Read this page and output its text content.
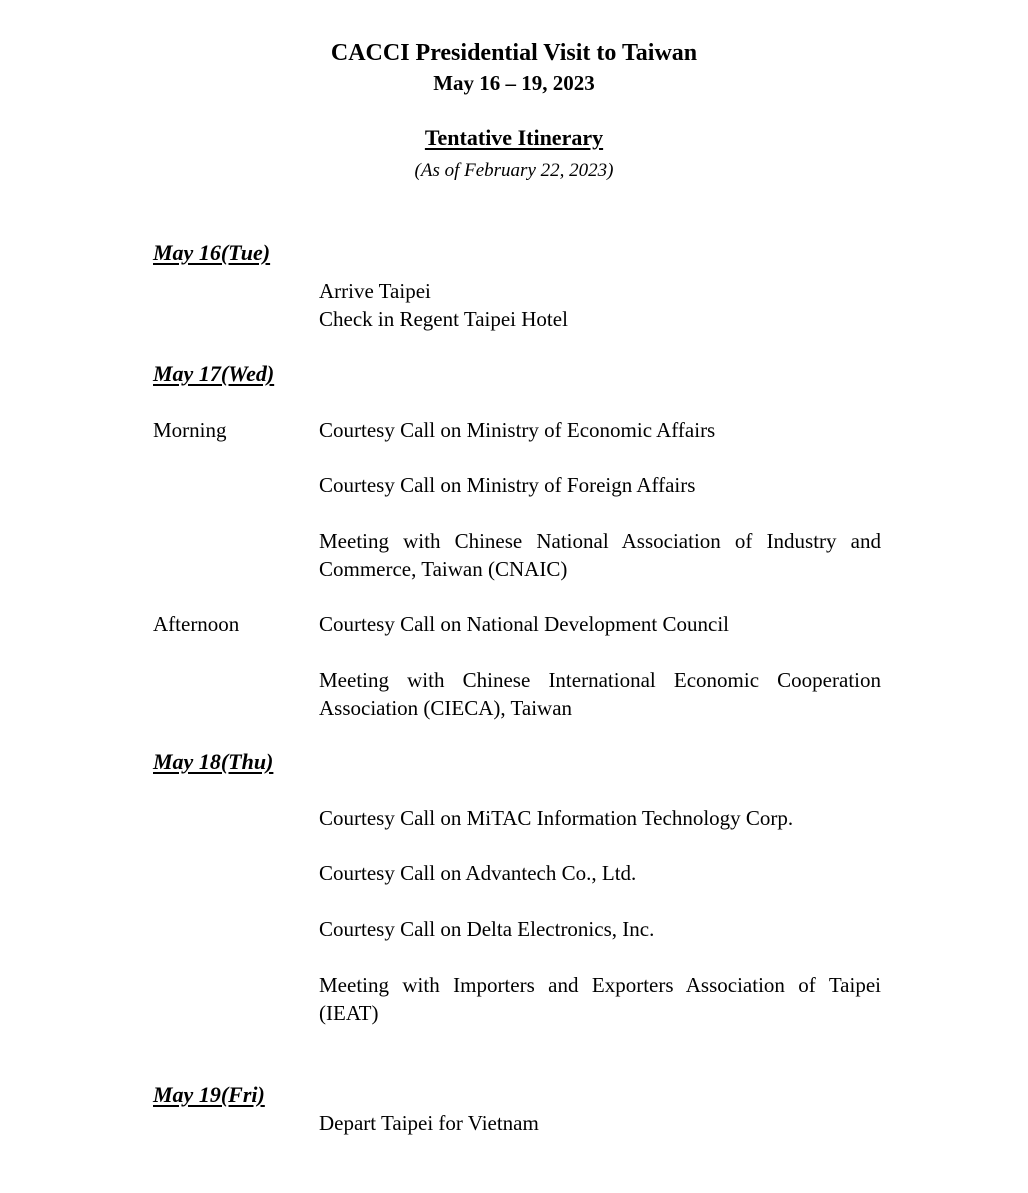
CACCI Presidential Visit to Taiwan
May 16 – 19, 2023
Tentative Itinerary
(As of February 22, 2023)
May 16(Tue)
Arrive Taipei
Check in Regent Taipei Hotel
May 17(Wed)
Morning	Courtesy Call on Ministry of Economic Affairs
Courtesy Call on Ministry of Foreign Affairs
Meeting with Chinese National Association of Industry and Commerce, Taiwan (CNAIC)
Afternoon	Courtesy Call on National Development Council
Meeting with Chinese International Economic Cooperation Association (CIECA), Taiwan
May 18(Thu)
Courtesy Call on MiTAC Information Technology Corp.
Courtesy Call on Advantech Co., Ltd.
Courtesy Call on Delta Electronics, Inc.
Meeting with Importers and Exporters Association of Taipei (IEAT)
May 19(Fri)
Depart Taipei for Vietnam
